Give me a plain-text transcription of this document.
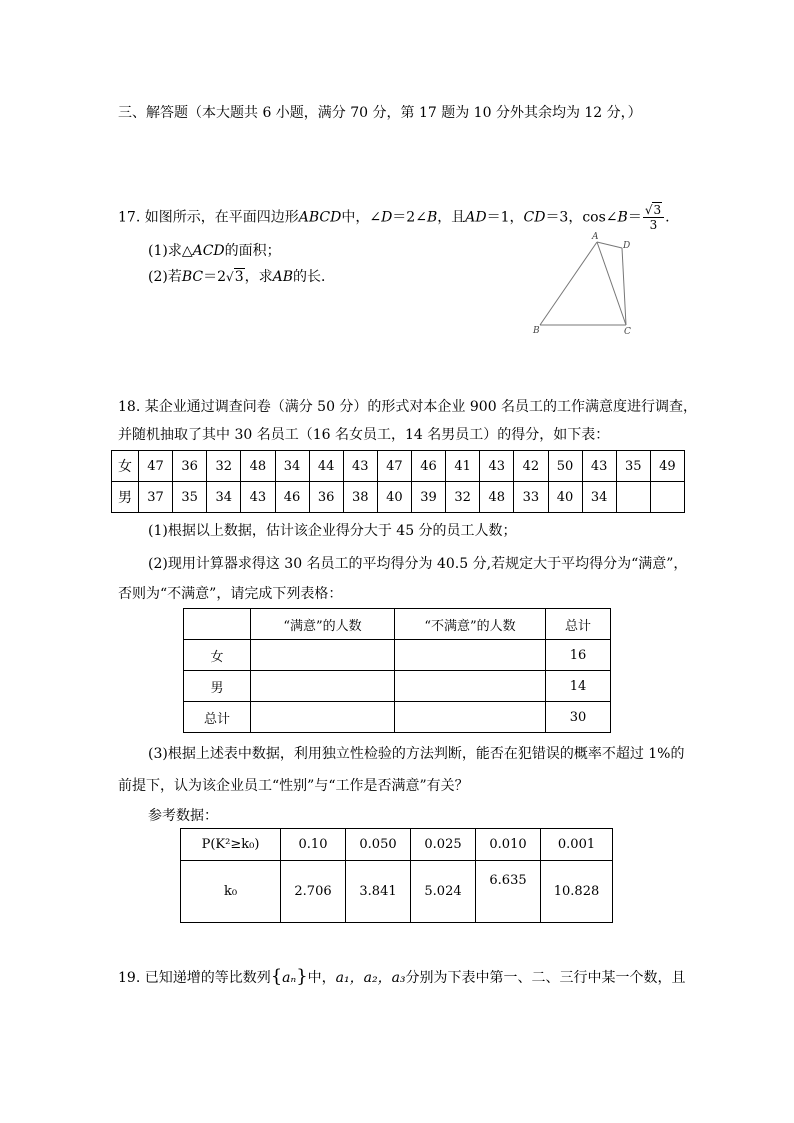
三、解答题（本大题共 6 小题，满分 70 分，第 17 题为 10 分外其余均为 12 分，）
17. 如图所示，在平面四边形ABCD中，∠D＝2∠B，且AD＝1，CD＝3，cos∠B＝ $\frac{√3}{3}$ .
(1)求△ACD的面积；
(2)若BC＝2√3，求AB的长．
A
B	C
D
18. 某企业通过调查问卷（满分 50 分）的形式对本企业 900 名员工的工作满意度进行调查，
并随机抽取了其中 30 名员工（16 名女员工，14 名男员工）的得分，如下表：
女	47	36	32	48	34	44	43	47	46	41	43	42	50	43	35	49
男	37	35	34	43	46	36	38	40	39	32	48	33	40	34		
(1)根据以上数据，估计该企业得分大于 45 分的员工人数；
(2)现用计算器求得这 30 名员工的平均得分为 40.5 分,若规定大于平均得分为“满意”，
否则为“不满意”，请完成下列表格：
	“满意”的人数	“不满意”的人数	总计
女			16
男			14
总计			30
(3)根据上述表中数据，利用独立性检验的方法判断，能否在犯错误的概率不超过 1%的
前提下，认为该企业员工“性别”与“工作是否满意”有关？
参考数据：
P(K²≥k₀)	0.10	0.050	0.025	0.010	0.001
k₀	2.706	3.841	5.024	6.635	10.828
19. 已知递增的等比数列{aₙ}中，a₁，a₂，a₃分别为下表中第一、二、三行中某一个数，且
